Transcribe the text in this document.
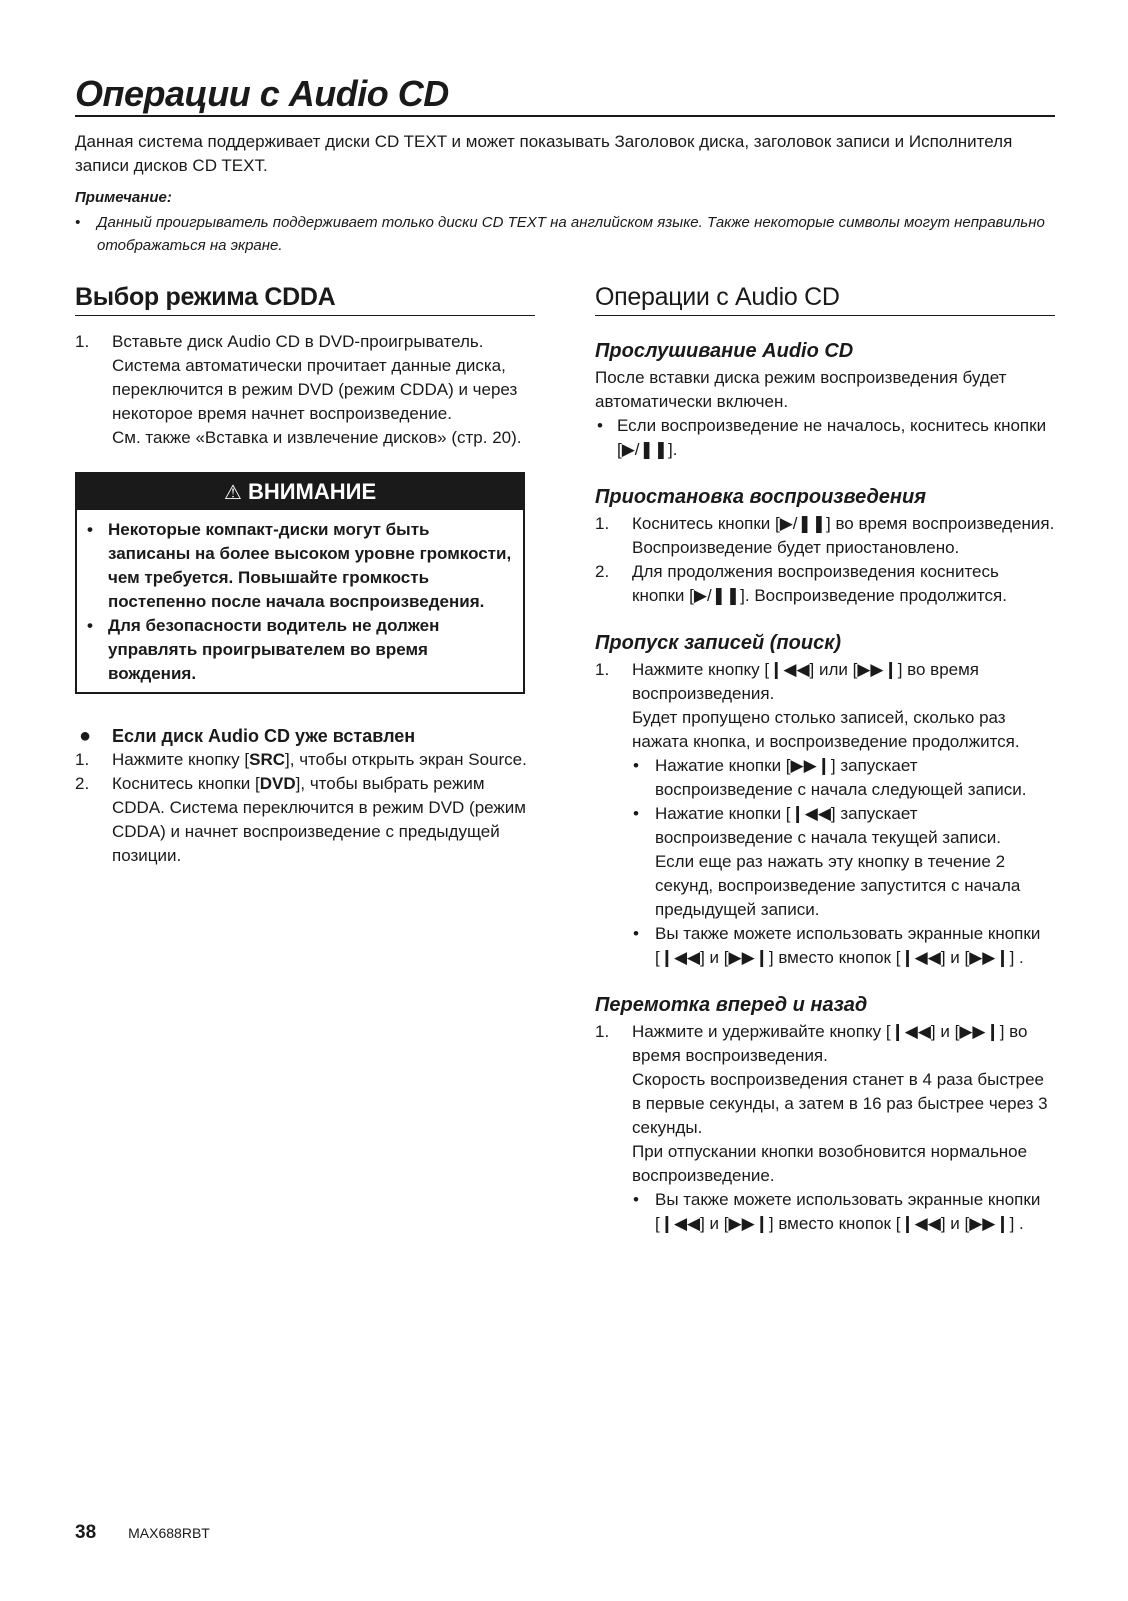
Операции с Audio CD
Данная система поддерживает диски CD TEXT и может показывать Заголовок диска, заголовок записи и Исполнителя записи дисков CD TEXT.
Примечание:
• Данный проигрыватель поддерживает только диски CD TEXT на английском языке. Также некоторые символы могут неправильно отображаться на экране.
Выбор режима CDDA
1. Вставьте диск Audio CD в DVD-проигрыватель. Система автоматически прочитает данные диска, переключится в режим DVD (режим CDDA) и через некоторое время начнет воспроизведение.
См. также «Вставка и извлечение дисков» (стр. 20).
⚠ ВНИМАНИЕ
• Некоторые компакт-диски могут быть записаны на более высоком уровне громкости, чем требуется. Повышайте громкость постепенно после начала воспроизведения.
• Для безопасности водитель не должен управлять проигрывателем во время вождения.
● Если диск Audio CD уже вставлен
1. Нажмите кнопку [SRC], чтобы открыть экран Source.
2. Коснитесь кнопки [DVD], чтобы выбрать режим CDDA. Система переключится в режим DVD (режим CDDA) и начнет воспроизведение с предыдущей позиции.
Операции с Audio CD
Прослушивание Audio CD

После вставки диска режим воспроизведения будет автоматически включен.

• Если воспроизведение не началось, коснитесь кнопки [▶/❚❚].
Приостановка воспроизведения
1. Коснитесь кнопки [▶/❚❚] во время воспроизведения. Воспроизведение будет приостановлено.
2. Для продолжения воспроизведения коснитесь кнопки [▶/❚❚]. Воспроизведение продолжится.
Пропуск записей (поиск)
1. Нажмите кнопку [❙◀◀] или [▶▶❙] во время воспроизведения.
Будет пропущено столько записей, сколько раз нажата кнопка, и воспроизведение продолжится.
• Нажатие кнопки [▶▶❙] запускает воспроизведение с начала следующей записи.
• Нажатие кнопки [❙◀◀] запускает воспроизведение с начала текущей записи.
Если еще раз нажать эту кнопку в течение 2 секунд, воспроизведение запустится с начала предыдущей записи.
• Вы также можете использовать экранные кнопки [❙◀◀] и [▶▶❙] вместо кнопок [❙◀◀] и [▶▶❙] .
Перемотка вперед и назад
1. Нажмите и удерживайте кнопку [❙◀◀] и [▶▶❙] во время воспроизведения.
Скорость воспроизведения станет в 4 раза быстрее в первые секунды, а затем в 16 раз быстрее через 3 секунды.
При отпускании кнопки возобновится нормальное воспроизведение.
• Вы также можете использовать экранные кнопки [❙◀◀] и [▶▶❙] вместо кнопок [❙◀◀] и [▶▶❙] .
38 MAX688RBT
